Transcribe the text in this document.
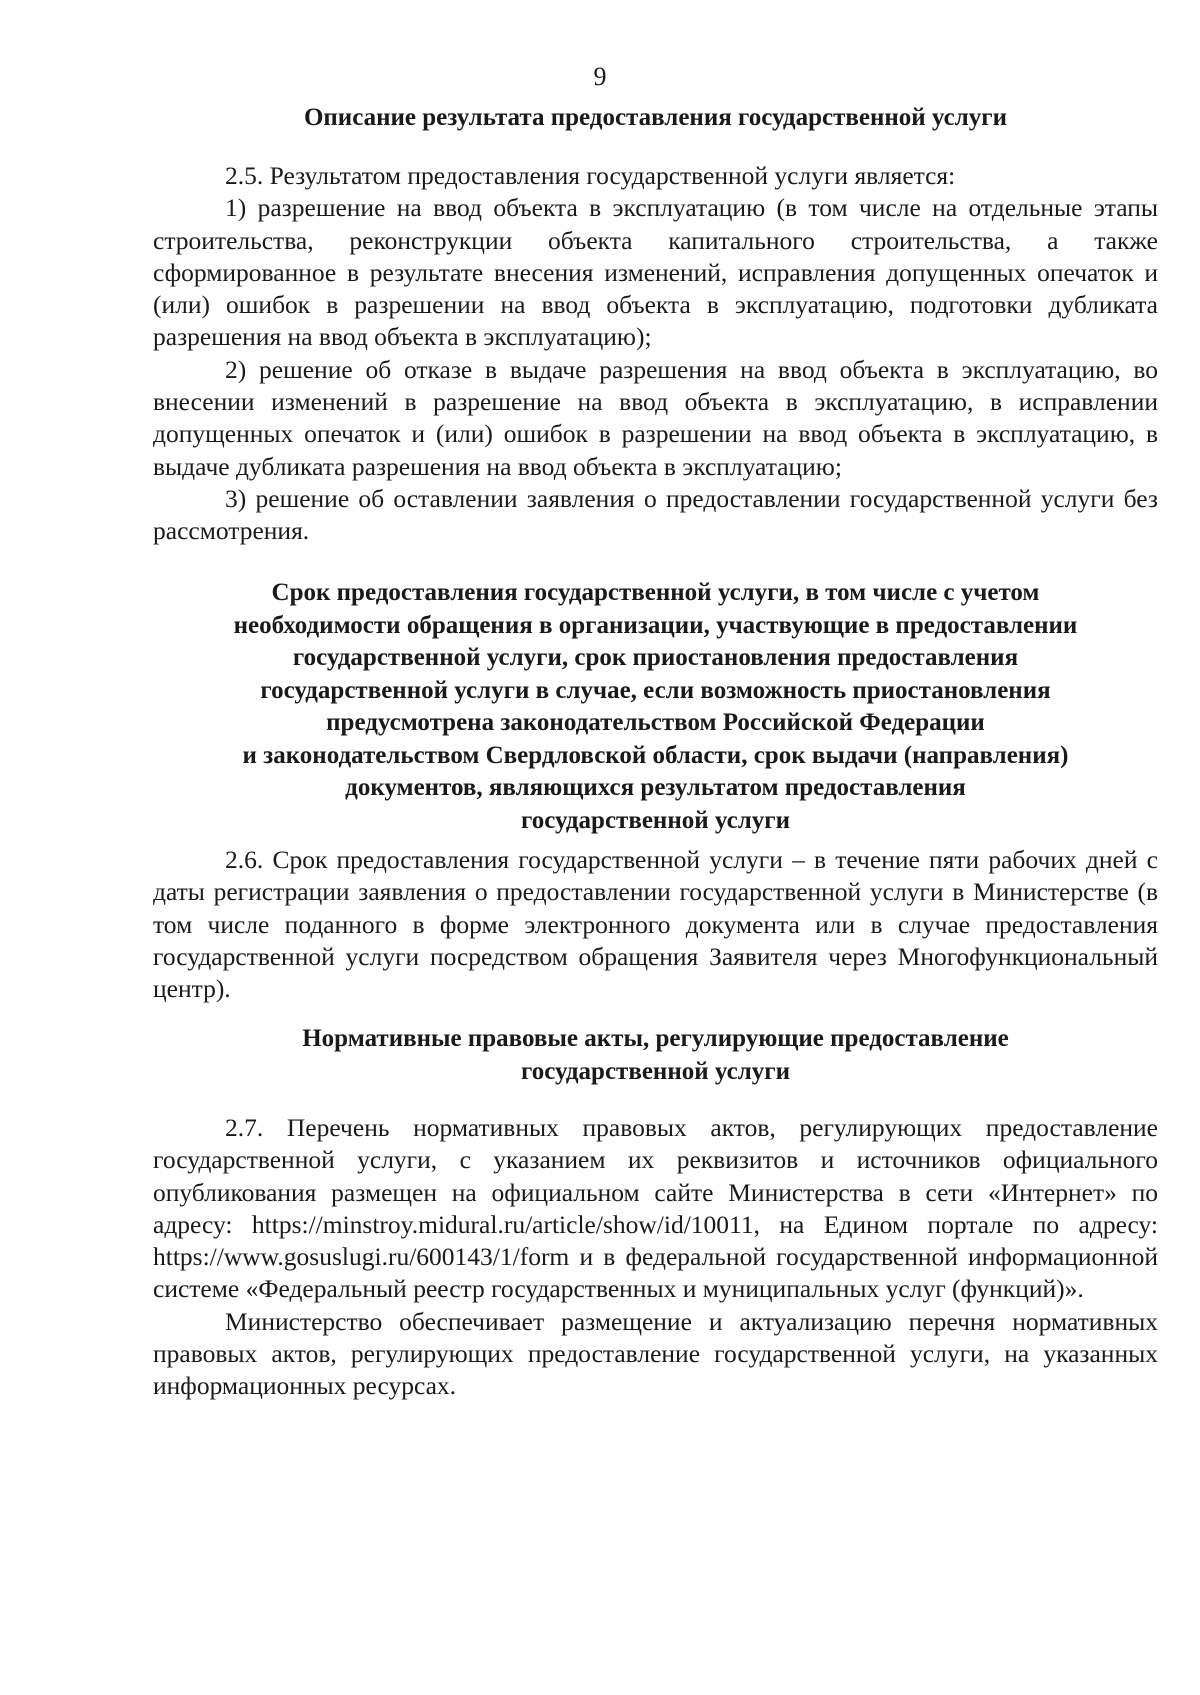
9

Описание результата предоставления государственной услуги

2.5. Результатом предоставления государственной услуги является:

1) разрешение на ввод объекта в эксплуатацию (в том числе на отдельные этапы строительства, реконструкции объекта капитального строительства, а также сформированное в результате внесения изменений, исправления допущенных опечаток и (или) ошибок в разрешении на ввод объекта в эксплуатацию, подготовки дубликата разрешения на ввод объекта в эксплуатацию);

2) решение об отказе в выдаче разрешения на ввод объекта в эксплуатацию, во внесении изменений в разрешение на ввод объекта в эксплуатацию, в исправлении допущенных опечаток и (или) ошибок в разрешении на ввод объекта в эксплуатацию, в выдаче дубликата разрешения на ввод объекта в эксплуатацию;

3) решение об оставлении заявления о предоставлении государственной услуги без рассмотрения.

Срок предоставления государственной услуги, в том числе с учетом

необходимости обращения в организации, участвующие в предоставлении

государственной услуги, срок приостановления предоставления

государственной услуги в случае, если возможность приостановления

предусмотрена законодательством Российской Федерации

и законодательством Свердловской области, срок выдачи (направления)

документов, являющихся результатом предоставления

государственной услуги

2.6. Срок предоставления государственной услуги – в течение пяти рабочих дней с даты регистрации заявления о предоставлении государственной услуги в Министерстве (в том числе поданного в форме электронного документа или в случае предоставления государственной услуги посредством обращения Заявителя через Многофункциональный центр).

Нормативные правовые акты, регулирующие предоставление

государственной услуги

2.7. Перечень нормативных правовых актов, регулирующих предоставление государственной услуги, с указанием их реквизитов и источников официального опубликования размещен на официальном сайте Министерства в сети «Интернет» по адресу: https://minstroy.midural.ru/article/show/id/10011, на Едином портале по адресу: https://www.gosuslugi.ru/600143/1/form и в федеральной государственной информационной системе «Федеральный реестр государственных и муниципальных услуг (функций)».

Министерство обеспечивает размещение и актуализацию перечня нормативных правовых актов, регулирующих предоставление государственной услуги, на указанных информационных ресурсах.
